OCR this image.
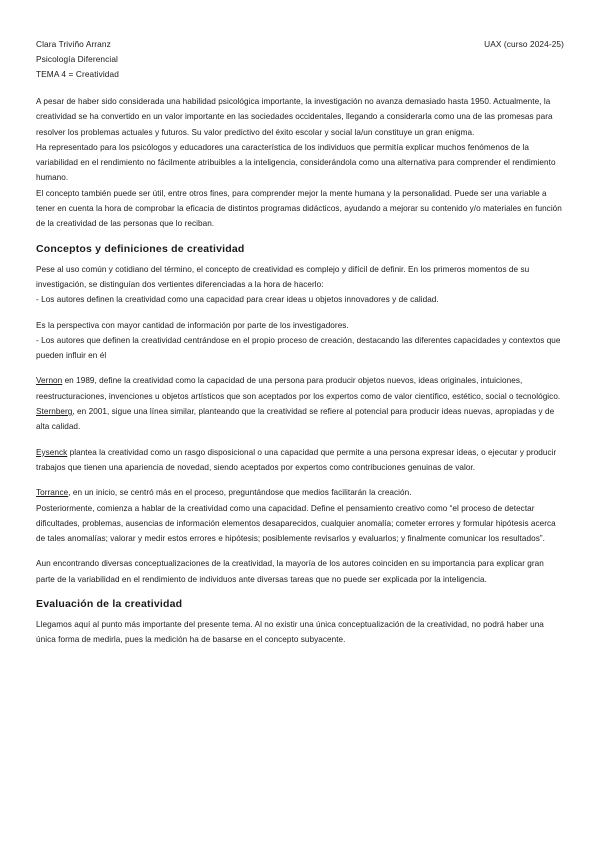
Clara Triviño Arranz	UAX (curso 2024-25)
Psicología Diferencial
TEMA 4 = Creatividad

A pesar de haber sido considerada una habilidad psicológica importante, la investigación no avanza demasiado hasta 1950. Actualmente, la creatividad se ha convertido en un valor importante en las sociedades occidentales, llegando a considerarla como una de las promesas para resolver los problemas actuales y futuros. Su valor predictivo del éxito escolar y social la/un constituye un gran enigma.

Ha representado para los psicólogos y educadores una característica de los individuos que permitía explicar muchos fenómenos de la variabilidad en el rendimiento no fácilmente atribuibles a la inteligencia, considerándola como una alternativa para comprender el rendimiento humano.

El concepto también puede ser útil, entre otros fines, para comprender mejor la mente humana y la personalidad. Puede ser una variable a tener en cuenta la hora de comprobar la eficacia de distintos programas didácticos, ayudando a mejorar su contenido y/o materiales en función de la creatividad de las personas que lo reciban.

Conceptos y definiciones de creatividad

Pese al uso común y cotidiano del término, el concepto de creatividad es complejo y difícil de definir. En los primeros momentos de su investigación, se distinguían dos vertientes diferenciadas a la hora de hacerlo:

- Los autores definen la creatividad como una capacidad para crear ideas u objetos innovadores y de calidad.

Es la perspectiva con mayor cantidad de información por parte de los investigadores.

- Los autores que definen la creatividad centrándose en el propio proceso de creación, destacando las diferentes capacidades y contextos que pueden influir en él

Vernon en 1989, define la creatividad como la capacidad de una persona para producir objetos nuevos, ideas originales, intuiciones, reestructuraciones, invenciones u objetos artísticos que son aceptados por los expertos como de valor científico, estético, social o tecnológico. Sternberg, en 2001, sigue una línea similar, planteando que la creatividad se refiere al potencial para producir ideas nuevas, apropiadas y de alta calidad.

Eysenck plantea la creatividad como un rasgo disposicional o una capacidad que permite a una persona expresar ideas, o ejecutar y producir trabajos que tienen una apariencia de novedad, siendo aceptados por expertos como contribuciones genuinas de valor.

Torrance, en un inicio, se centró más en el proceso, preguntándose que medios facilitarán la creación.

Posteriormente, comienza a hablar de la creatividad como una capacidad. Define el pensamiento creativo como “el proceso de detectar dificultades, problemas, ausencias de información elementos desaparecidos, cualquier anomalía; cometer errores y formular hipótesis acerca de tales anomalías; valorar y medir estos errores e hipótesis; posiblemente revisarlos y evaluarlos; y finalmente comunicar los resultados”.

Aun encontrando diversas conceptualizaciones de la creatividad, la mayoría de los autores coinciden en su importancia para explicar gran parte de la variabilidad en el rendimiento de individuos ante diversas tareas que no puede ser explicada por la inteligencia.

Evaluación de la creatividad

Llegamos aquí al punto más importante del presente tema. Al no existir una única conceptualización de la creatividad, no podrá haber una única forma de medirla, pues la medición ha de basarse en el concepto subyacente.
